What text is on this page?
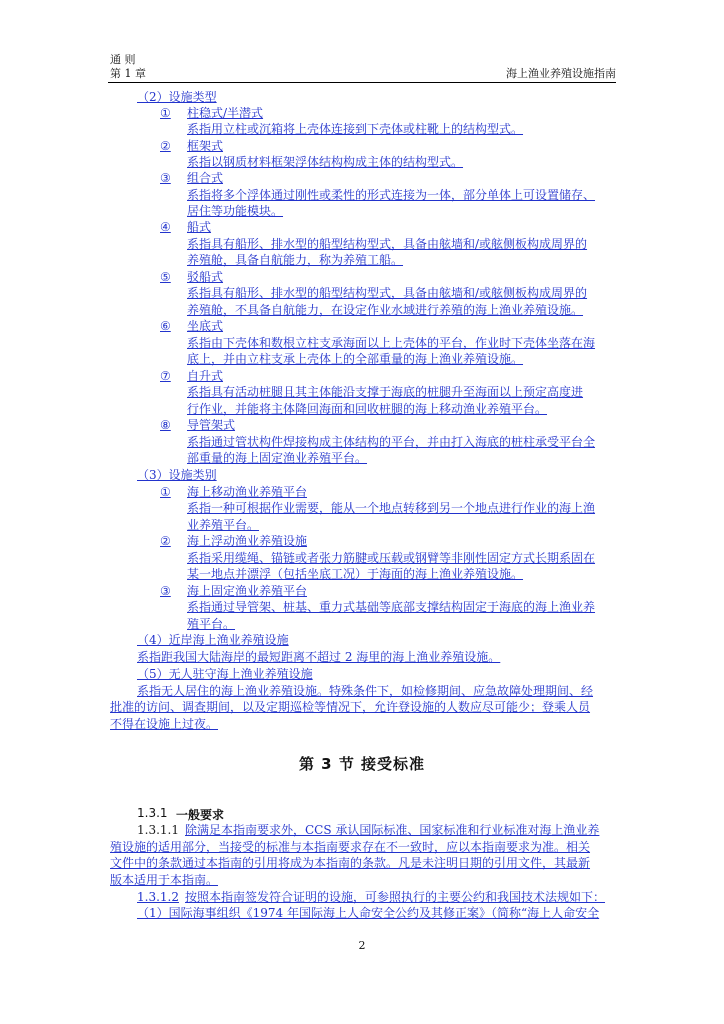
通 则
第 1 章	海上渔业养殖设施指南
（2）设施类型
① 柱稳式/半潜式
系指用立柱或沉箱将上壳体连接到下壳体或柱靴上的结构型式。
② 框架式
系指以钢质材料框架浮体结构构成主体的结构型式。
③ 组合式
系指将多个浮体通过刚性或柔性的形式连接为一体，部分单体上可设置储存、
居住等功能模块。
④ 船式
系指具有船形、排水型的船型结构型式，具备由舷墙和/或舷侧板构成周界的
养殖舱，具备自航能力，称为养殖工船。
⑤ 驳船式
系指具有船形、排水型的船型结构型式，具备由舷墙和/或舷侧板构成周界的
养殖舱，不具备自航能力，在设定作业水域进行养殖的海上渔业养殖设施。
⑥ 坐底式
系指由下壳体和数根立柱支承海面以上上壳体的平台，作业时下壳体坐落在海
底上，并由立柱支承上壳体上的全部重量的海上渔业养殖设施。
⑦ 自升式
系指具有活动桩腿且其主体能沿支撑于海底的桩腿升至海面以上预定高度进
行作业，并能将主体降回海面和回收桩腿的海上移动渔业养殖平台。
⑧ 导管架式
系指通过管状构件焊接构成主体结构的平台，并由打入海底的桩柱承受平台全
部重量的海上固定渔业养殖平台。
（3）设施类别
① 海上移动渔业养殖平台
系指一种可根据作业需要，能从一个地点转移到另一个地点进行作业的海上渔
业养殖平台。
② 海上浮动渔业养殖设施
系指采用缆绳、锚链或者张力筋腱或压载或钢臂等非刚性固定方式长期系固在
某一地点并漂浮（包括坐底工况）于海面的海上渔业养殖设施。
③ 海上固定渔业养殖平台
系指通过导管架、桩基、重力式基础等底部支撑结构固定于海底的海上渔业养
殖平台。
（4）近岸海上渔业养殖设施
系指距我国大陆海岸的最短距离不超过 2 海里的海上渔业养殖设施。
（5）无人驻守海上渔业养殖设施
系指无人居住的海上渔业养殖设施。特殊条件下，如检修期间、应急故障处理期间、经
批准的访问、调查期间，以及定期巡检等情况下，允许登设施的人数应尽可能少；登乘人员
不得在设施上过夜。
第 3 节 接受标准
1.3.1 一般要求
1.3.1.1 除满足本指南要求外，CCS 承认国际标准、国家标准和行业标准对海上渔业养
殖设施的适用部分，当接受的标准与本指南要求存在不一致时，应以本指南要求为准。相关
文件中的条款通过本指南的引用将成为本指南的条款。凡是未注明日期的引用文件，其最新
版本适用于本指南。
1.3.1.2 按照本指南签发符合证明的设施，可参照执行的主要公约和我国技术法规如下：
（1）国际海事组织《1974 年国际海上人命安全公约及其修正案》（简称“海上人命安全
2
